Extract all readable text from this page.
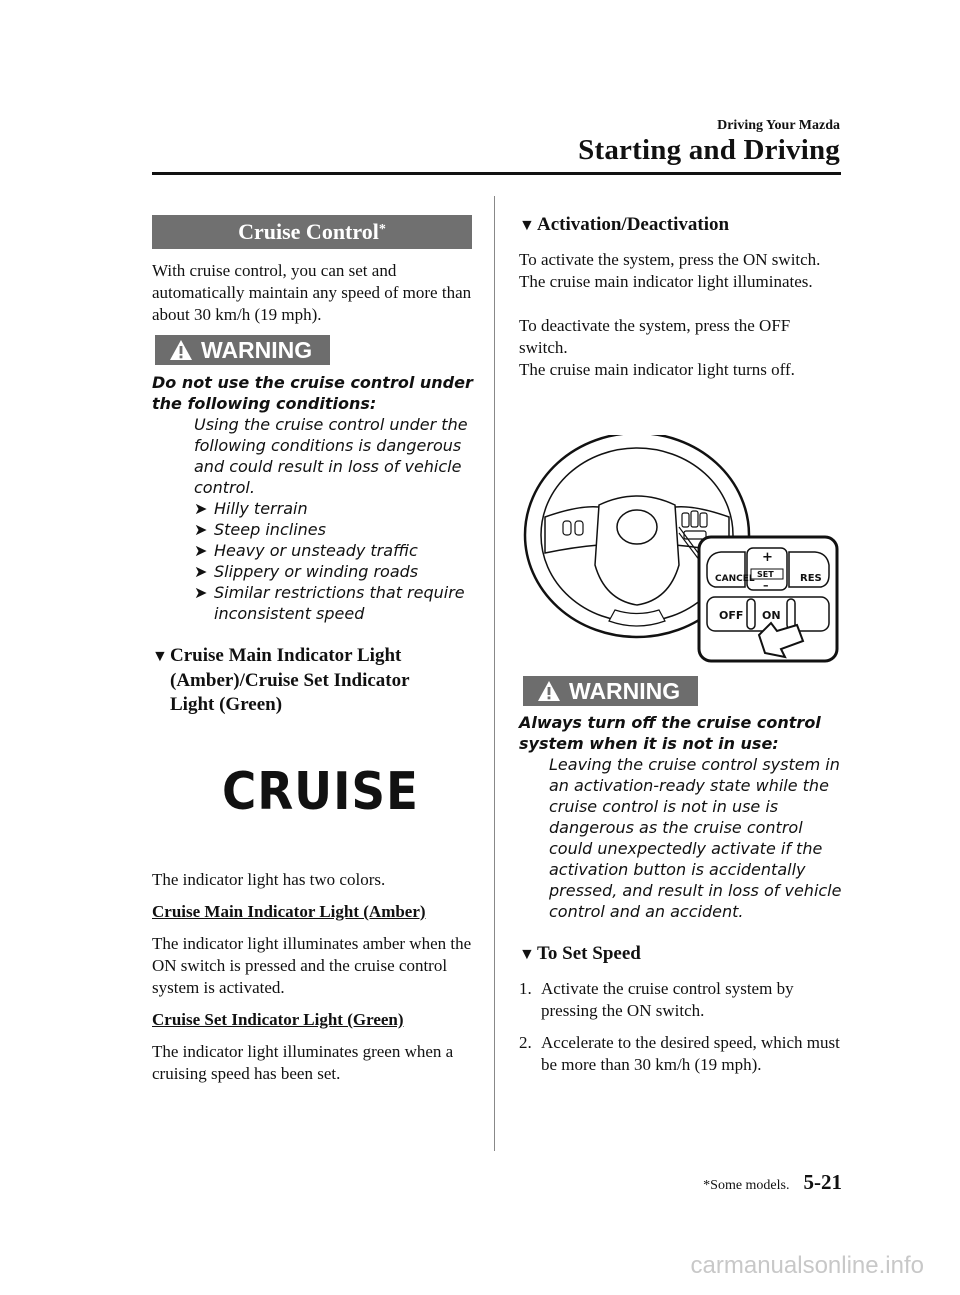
Driving Your Mazda
Starting and Driving
Cruise Control*

With cruise control, you can set and automatically maintain any speed of more than about 30 km/h (19 mph).

WARNING
Do not use the cruise control under the following conditions:
Using the cruise control under the following conditions is dangerous and could result in loss of vehicle control.
➤ Hilly terrain
➤ Steep inclines
➤ Heavy or unsteady traffic
➤ Slippery or winding roads
➤ Similar restrictions that require inconsistent speed
▼ Cruise Main Indicator Light
(Amber)/Cruise Set Indicator
Light (Green)
CRUISE

The indicator light has two colors.

Cruise Main Indicator Light (Amber)

The indicator light illuminates amber when the ON switch is pressed and the cruise control system is activated.

Cruise Set Indicator Light (Green)

The indicator light illuminates green when a cruising speed has been set.

▼ Activation/Deactivation

To activate the system, press the ON switch.

The cruise main indicator light illuminates.

To deactivate the system, press the OFF switch.

The cruise main indicator light turns off.

CANCEL
+
SET
–
RES
OFF ON
WARNING
Always turn off the cruise control system when it is not in use:
Leaving the cruise control system in an activation-ready state while the cruise control is not in use is dangerous as the cruise control could unexpectedly activate if the activation button is accidentally pressed, and result in loss of vehicle control and an accident.
▼ To Set Speed
1. Activate the cruise control system by pressing the ON switch.
2. Accelerate to the desired speed, which must be more than 30 km/h (19 mph).
*Some models. 5-21
carmanualsonline.info
